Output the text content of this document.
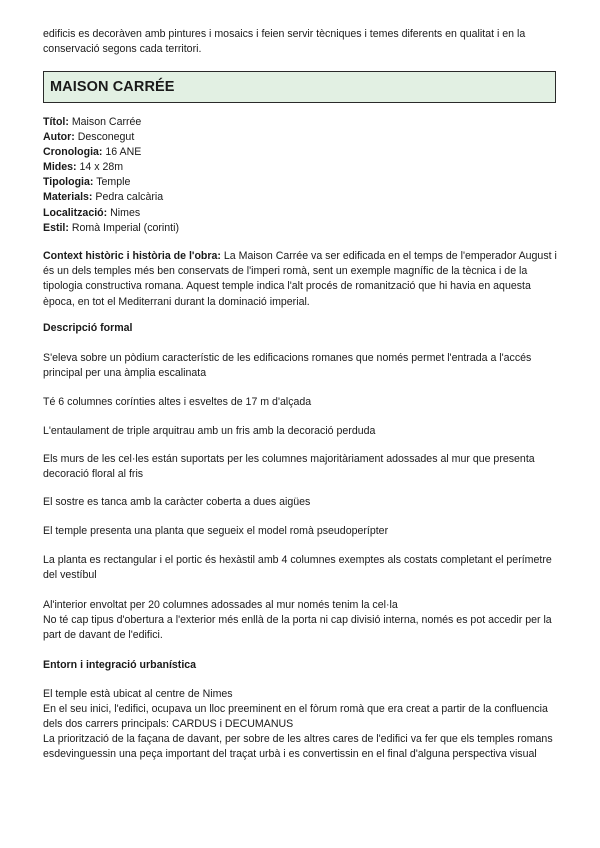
edificis es decoràven amb pintures i mosaics i feien servir tècniques i temes diferents en qualitat i en la conservació segons cada territori.

MAISON CARRÉE

Títol: Maison Carrée

Autor: Desconegut

Cronologia: 16 ANE

Mides: 14 x 28m

Tipologia: Temple

Materials: Pedra calcària

Localització: Nimes

Estil: Romà Imperial (corinti)

Context històric i història de l'obra: La Maison Carrée va ser edificada en el temps de l'emperador August i és un dels temples més ben conservats de l'imperi romà, sent un exemple magnífic de la tècnica i de la tipologia constructiva romana. Aquest temple indica l'alt procés de romanització que hi havia en aquesta època, en tot el Mediterrani durant la dominació imperial.

Descripció formal

S'eleva sobre un pòdium característic de les edificacions romanes que només permet l'entrada a l'accés principal per una àmplia escalinata

Té 6 columnes corínties altes i esveltes de 17 m d'alçada

L'entaulament de triple arquitrau amb un fris amb la decoració perduda

Els murs de les cel·les están suportats per les columnes majoritàriament adossades al mur que presenta decoració floral al fris

El sostre es tanca amb la caràcter coberta a dues aigües

El temple presenta una planta que segueix el model romà pseudoperípter

La planta es rectangular i el portic és hexàstil amb 4 columnes exemptes als costats completant el perímetre del vestíbul

Al'interior envoltat per 20 columnes adossades al mur només tenim la cel·la

No té cap tipus d'obertura a l'exterior més enllà de la porta ni cap divisió interna, només es pot accedir per la part de davant de l'edifici.

Entorn i integració urbanística

El temple està ubicat al centre de Nimes

En el seu inici, l'edifici, ocupava un lloc preeminent en el fòrum romà que era creat a partir de la confluencia dels dos carrers principals: CARDUS i DECUMANUS

La priorització de la façana de davant, per sobre de les altres cares de l'edifici va fer que els temples romans esdevinguessin una peça important del traçat urbà i es convertissin en el final d'alguna perspectiva visual
